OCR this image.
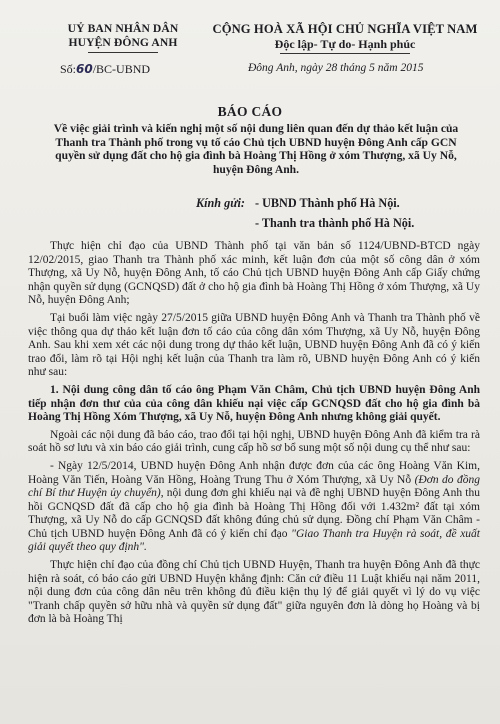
UỶ BAN NHÂN DÂN
HUYỆN ĐÔNG ANH
CỘNG HOÀ XÃ HỘI CHỦ NGHĨA VIỆT NAM
Độc lập- Tự do- Hạnh phúc
Số:60/BC-UBND	Đông Anh, ngày 28 tháng 5 năm 2015
BÁO CÁO
Về việc giải trình và kiến nghị một số nội dung liên quan đến dự thảo kết luận của Thanh tra Thành phố trong vụ tố cáo Chủ tịch UBND huyện Đông Anh cấp GCN quyền sử dụng đất cho hộ gia đình bà Hoàng Thị Hồng ở xóm Thượng, xã Uy Nỗ, huyện Đông Anh.
Kính gửi: - UBND Thành phố Hà Nội.
- Thanh tra thành phố Hà Nội.

Thực hiện chỉ đạo của UBND Thành phố tại văn bản số 1124/UBND-BTCD ngày 12/02/2015, giao Thanh tra Thành phố xác minh, kết luận đơn của một số công dân ở xóm Thượng, xã Uy Nỗ, huyện Đông Anh, tố cáo Chủ tịch UBND huyện Đông Anh cấp Giấy chứng nhận quyền sử dụng (GCNQSD) đất ở cho hộ gia đình bà Hoàng Thị Hồng ở xóm Thượng, xã Uy Nỗ, huyện Đông Anh;

Tại buổi làm việc ngày 27/5/2015 giữa UBND huyện Đông Anh và Thanh tra Thành phố về việc thông qua dự thảo kết luận đơn tố cáo của công dân xóm Thượng, xã Uy Nỗ, huyện Đông Anh. Sau khi xem xét các nội dung trong dự thảo kết luận, UBND huyện Đông Anh đã có ý kiến trao đổi, làm rõ tại Hội nghị kết luận của Thanh tra làm rõ, UBND huyện Đông Anh có ý kiến như sau:

1. Nội dung công dân tố cáo ông Phạm Văn Châm, Chủ tịch UBND huyện Đông Anh tiếp nhận đơn thư của của công dân khiếu nại việc cấp GCNQSD đất cho hộ gia đình bà Hoàng Thị Hồng Xóm Thượng, xã Uy Nỗ, huyện Đông Anh nhưng không giải quyết.

Ngoài các nội dung đã báo cáo, trao đổi tại hội nghị, UBND huyện Đông Anh đã kiểm tra rà soát hồ sơ lưu và xin báo cáo giải trình, cung cấp hồ sơ bổ sung một số nội dung cụ thể như sau:

- Ngày 12/5/2014, UBND huyện Đông Anh nhận được đơn của các ông Hoàng Văn Kim, Hoàng Văn Tiến, Hoàng Văn Hồng, Hoàng Trung Thu ở Xóm Thượng, xã Uy Nỗ (Đơn do đồng chí Bí thư Huyện ủy chuyển), nội dung đơn ghi khiếu nại và đề nghị UBND huyện Đông Anh thu hồi GCNQSD đất đã cấp cho hộ gia đình bà Hoàng Thị Hồng đối với 1.432m² đất tại xóm Thượng, xã Uy Nỗ do cấp GCNQSD đất không đúng chủ sử dụng. Đồng chí Phạm Văn Châm - Chủ tịch UBND huyện Đông Anh đã có ý kiến chỉ đạo "Giao Thanh tra Huyện rà soát, đề xuất giải quyết theo quy định".

Thực hiện chỉ đạo của đồng chí Chủ tịch UBND Huyện, Thanh tra huyện Đông Anh đã thực hiện rà soát, có báo cáo gửi UBND Huyện khẳng định: Căn cứ điều 11 Luật khiếu nại năm 2011, nội dung đơn của công dân nêu trên không đủ điều kiện thụ lý để giải quyết vì lý do vụ việc "Tranh chấp quyền sở hữu nhà và quyền sử dụng đất" giữa nguyên đơn là dòng họ Hoàng và bị đơn là bà Hoàng Thị
